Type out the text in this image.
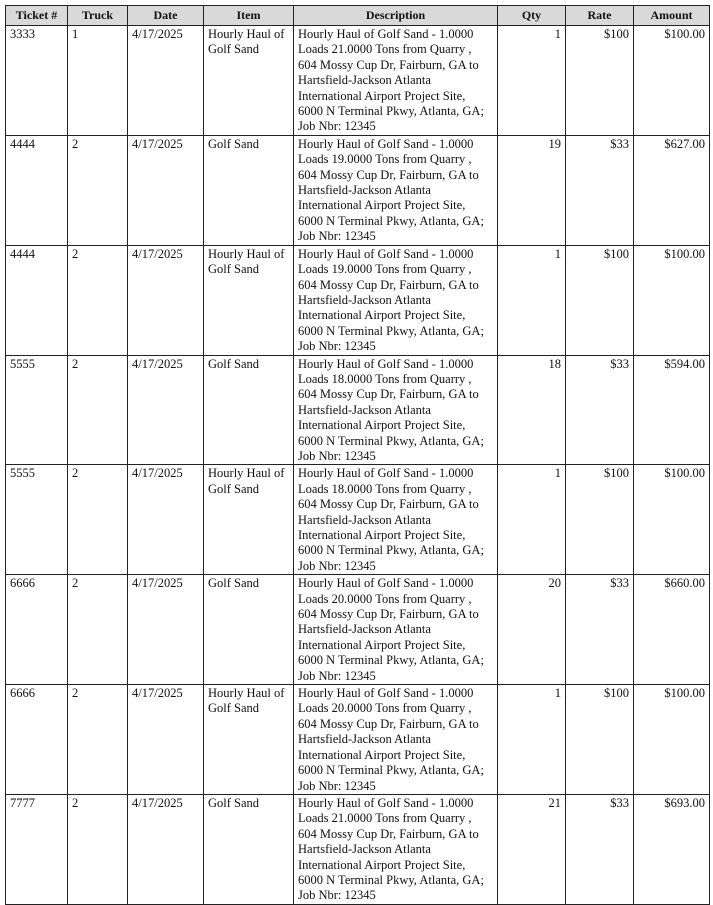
Ticket #	Truck	Date	Item	Description	Qty	Rate	Amount
3333	1	4/17/2025	Hourly Haul of Golf Sand	Hourly Haul of Golf Sand - 1.0000 Loads 21.0000 Tons from Quarry , 604 Mossy Cup Dr, Fairburn, GA to Hartsfield-Jackson Atlanta International Airport Project Site, 6000 N Terminal Pkwy, Atlanta, GA; Job Nbr: 12345	1	$100	$100.00
4444	2	4/17/2025	Golf Sand	Hourly Haul of Golf Sand - 1.0000 Loads 19.0000 Tons from Quarry , 604 Mossy Cup Dr, Fairburn, GA to Hartsfield-Jackson Atlanta International Airport Project Site, 6000 N Terminal Pkwy, Atlanta, GA; Job Nbr: 12345	19	$33	$627.00
4444	2	4/17/2025	Hourly Haul of Golf Sand	Hourly Haul of Golf Sand - 1.0000 Loads 19.0000 Tons from Quarry , 604 Mossy Cup Dr, Fairburn, GA to Hartsfield-Jackson Atlanta International Airport Project Site, 6000 N Terminal Pkwy, Atlanta, GA; Job Nbr: 12345	1	$100	$100.00
5555	2	4/17/2025	Golf Sand	Hourly Haul of Golf Sand - 1.0000 Loads 18.0000 Tons from Quarry , 604 Mossy Cup Dr, Fairburn, GA to Hartsfield-Jackson Atlanta International Airport Project Site, 6000 N Terminal Pkwy, Atlanta, GA; Job Nbr: 12345	18	$33	$594.00
5555	2	4/17/2025	Hourly Haul of Golf Sand	Hourly Haul of Golf Sand - 1.0000 Loads 18.0000 Tons from Quarry , 604 Mossy Cup Dr, Fairburn, GA to Hartsfield-Jackson Atlanta International Airport Project Site, 6000 N Terminal Pkwy, Atlanta, GA; Job Nbr: 12345	1	$100	$100.00
6666	2	4/17/2025	Golf Sand	Hourly Haul of Golf Sand - 1.0000 Loads 20.0000 Tons from Quarry , 604 Mossy Cup Dr, Fairburn, GA to Hartsfield-Jackson Atlanta International Airport Project Site, 6000 N Terminal Pkwy, Atlanta, GA; Job Nbr: 12345	20	$33	$660.00
6666	2	4/17/2025	Hourly Haul of Golf Sand	Hourly Haul of Golf Sand - 1.0000 Loads 20.0000 Tons from Quarry , 604 Mossy Cup Dr, Fairburn, GA to Hartsfield-Jackson Atlanta International Airport Project Site, 6000 N Terminal Pkwy, Atlanta, GA; Job Nbr: 12345	1	$100	$100.00
7777	2	4/17/2025	Golf Sand	Hourly Haul of Golf Sand - 1.0000 Loads 21.0000 Tons from Quarry , 604 Mossy Cup Dr, Fairburn, GA to Hartsfield-Jackson Atlanta International Airport Project Site, 6000 N Terminal Pkwy, Atlanta, GA; Job Nbr: 12345	21	$33	$693.00
